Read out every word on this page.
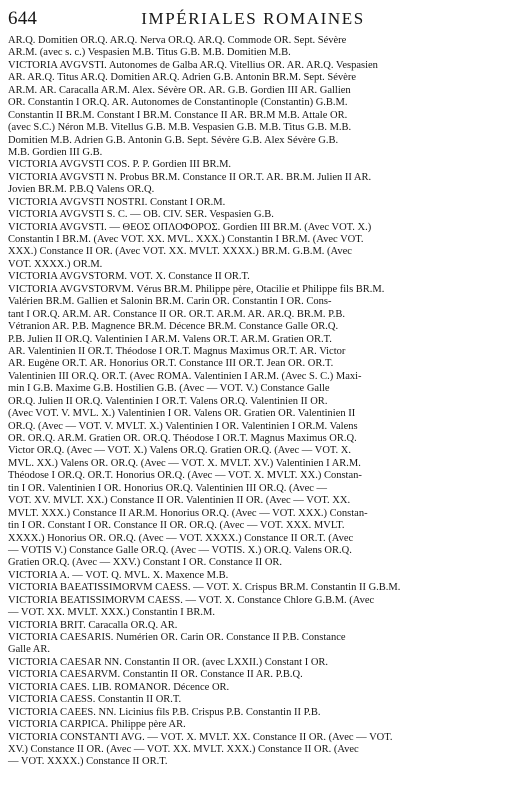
644	IMPÉRIALES ROMAINES

AR.Q. Domitien OR.Q. AR.Q. Nerva OR.Q. AR.Q. Commode OR. Sept. Sévère

AR.M. (avec s. c.) Vespasien M.B. Titus G.B. M.B. Domitien M.B.

VICTORIA AVGVSTI. Autonomes de Galba AR.Q. Vitellius OR. AR. AR.Q. Vespasien

AR. AR.Q. Titus AR.Q. Domitien AR.Q. Adrien G.B. Antonin BR.M. Sept. Sévère

AR.M. AR. Caracalla AR.M. Alex. Sévère OR. AR. G.B. Gordien III AR. Gallien

OR. Constantin I OR.Q. AR. Autonomes de Constantinople (Constantin) G.B.M.

Constantin II BR.M. Constant I BR.M. Constance II AR. BR.M M.B. Attale OR.

(avec S.C.) Néron M.B. Vitellus G.B. M.B. Vespasien G.B. M.B. Titus G.B. M.B.

Domitien M.B. Adrien G.B. Antonin G.B. Sept. Sévère G.B. Alex Sévère G.B.

M.B. Gordien III G.B.

VICTORIA AVGVSTI COS. P. P. Gordien III BR.M.

VICTORIA AVGVSTI N. Probus BR.M. Constance II OR.T. AR. BR.M. Julien II AR.

Jovien BR.M. P.B.Q Valens OR.Q.

VICTORIA AVGVSTI NOSTRI. Constant I OR.M.

VICTORIA AVGVSTI S. C. — OB. CIV. SER. Vespasien G.B.

VICTORIA AVGVSTI. — ΘΕΟΣ ΟΠΛΟΦΟΡΟΣ. Gordien III BR.M. (Avec VOT. X.)

Constantin I BR.M. (Avec VOT. XX. MVL. XXX.) Constantin I BR.M. (Avec VOT.

XXX.) Constance II OR. (Avec VOT. XX. MVLT. XXXX.) BR.M. G.B.M. (Avec

VOT. XXXX.) OR.M.

VICTORIA AVGVSTORM. VOT. X. Constance II OR.T.

VICTORIA AVGVSTORVM. Vérus BR.M. Philippe père, Otacilie et Philippe fils BR.M.

Valérien BR.M. Gallien et Salonin BR.M. Carin OR. Constantin I OR. Cons-

tant I OR.Q. AR.M. AR. Constance II OR. OR.T. AR.M. AR. AR.Q. BR.M. P.B.

Vétranion AR. P.B. Magnence BR.M. Décence BR.M. Constance Galle OR.Q.

P.B. Julien II OR.Q. Valentinien I AR.M. Valens OR.T. AR.M. Gratien OR.T.

AR. Valentinien II OR.T. Théodose I OR.T. Magnus Maximus OR.T. AR. Victor

AR. Eugène OR.T. AR. Honorius OR.T. Constance III OR.T. Jean OR. OR.T.

Valentinien III OR.Q. OR.T. (Avec ROMA. Valentinien I AR.M. (Avec S. C.) Maxi-

min I G.B. Maxime G.B. Hostilien G.B. (Avec — VOT. V.) Constance Galle

OR.Q. Julien II OR.Q. Valentinien I OR.T. Valens OR.Q. Valentinien II OR.

(Avec VOT. V. MVL. X.) Valentinien I OR. Valens OR. Gratien OR. Valentinien II

OR.Q. (Avec — VOT. V. MVLT. X.) Valentinien I OR. Valentinien I OR.M. Valens

OR. OR.Q. AR.M. Gratien OR. OR.Q. Théodose I OR.T. Magnus Maximus OR.Q.

Victor OR.Q. (Avec — VOT. X.) Valens OR.Q. Gratien OR.Q. (Avec — VOT. X.

MVL. XX.) Valens OR. OR.Q. (Avec — VOT. X. MVLT. XV.) Valentinien I AR.M.

Théodose I OR.Q. OR.T. Honorius OR.Q. (Avec — VOT. X. MVLT. XX.) Constan-

tin I OR. Valentinien I OR. Honorius OR.Q. Valentinien III OR.Q. (Avec —

VOT. XV. MVLT. XX.) Constance II OR. Valentinien II OR. (Avec — VOT. XX.

MVLT. XXX.) Constance II AR.M. Honorius OR.Q. (Avec — VOT. XXX.) Constan-

tin I OR. Constant I OR. Constance II OR. OR.Q. (Avec — VOT. XXX. MVLT.

XXXX.) Honorius OR. OR.Q. (Avec — VOT. XXXX.) Constance II OR.T. (Avec

— VOTIS V.) Constance Galle OR.Q. (Avec — VOTIS. X.) OR.Q. Valens OR.Q.

Gratien OR.Q. (Avec — XXV.) Constant I OR. Constance II OR.

VICTORIA A. — VOT. Q. MVL. X. Maxence M.B.

VICTORIA BAEATISSIMORVM CAESS. — VOT. X. Crispus BR.M. Constantin II G.B.M.

VICTORIA BEATISSIMORVM CAESS. — VOT. X. Constance Chlore G.B.M. (Avec

— VOT. XX. MVLT. XXX.) Constantin I BR.M.

VICTORIA BRIT. Caracalla OR.Q. AR.

VICTORIA CAESARIS. Numérien OR. Carin OR. Constance II P.B. Constance

Galle AR.

VICTORIA CAESAR NN. Constantin II OR. (avec LXXII.) Constant I OR.

VICTORIA CAESARVM. Constantin II OR. Constance II AR. P.B.Q.

VICTORIA CAES. LIB. ROMANOR. Décence OR.

VICTORIA CAESS. Constantin II OR.T.

VICTORIA CAEES. NN. Licinius fils P.B. Crispus P.B. Constantin II P.B.

VICTORIA CARPICA. Philippe père AR.

VICTORIA CONSTANTI AVG. — VOT. X. MVLT. XX. Constance II OR. (Avec — VOT.

XV.) Constance II OR. (Avec — VOT. XX. MVLT. XXX.) Constance II OR. (Avec

— VOT. XXXX.) Constance II OR.T.
